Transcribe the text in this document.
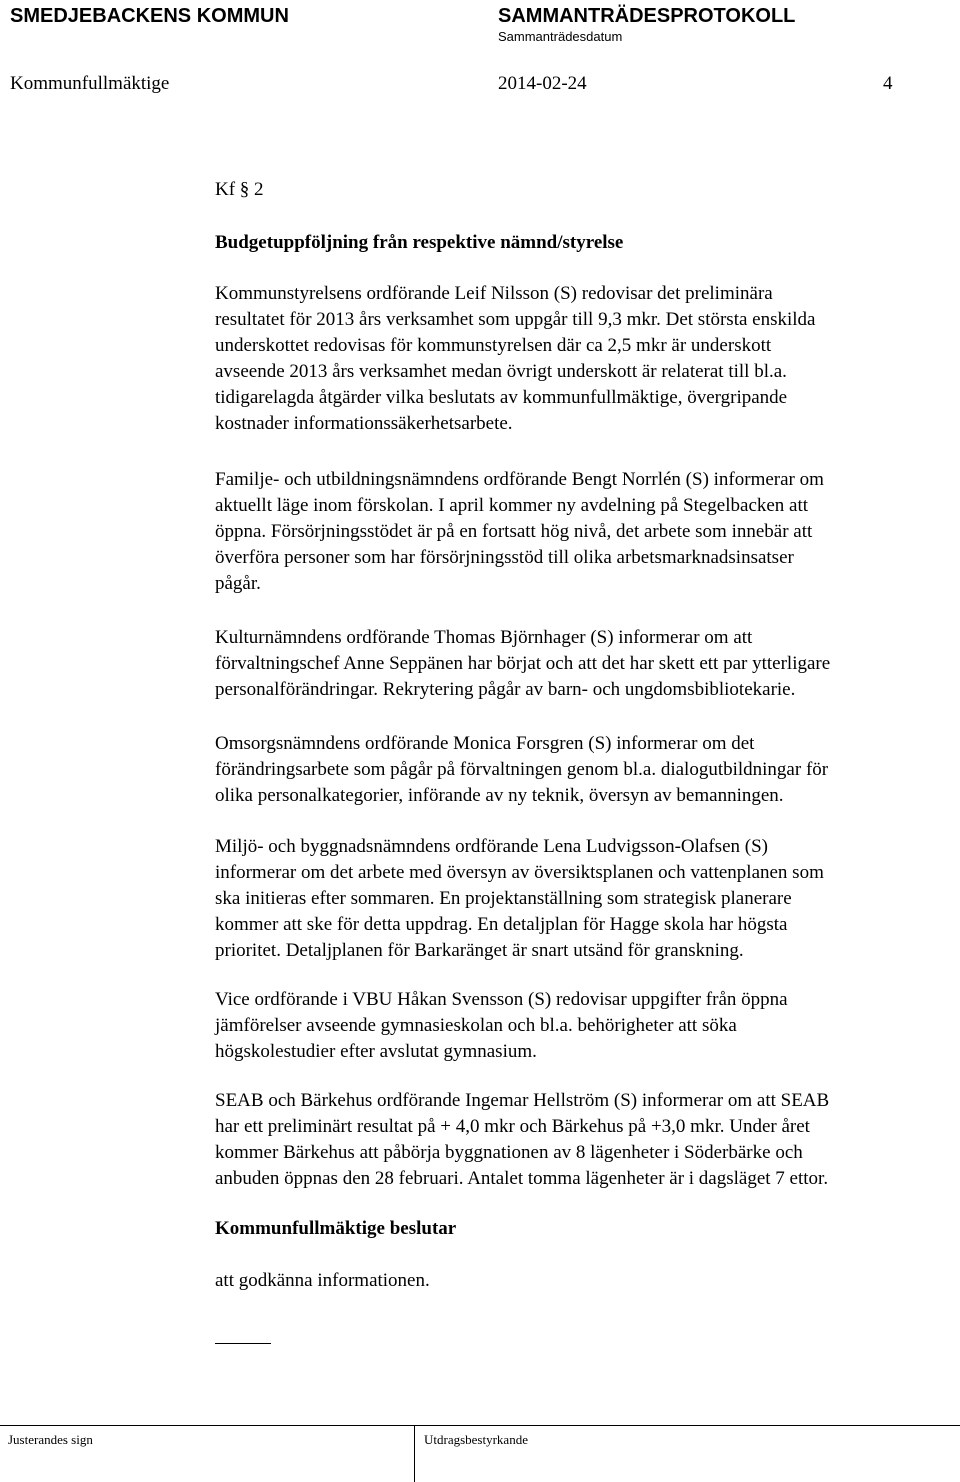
SMEDJEBACKENS KOMMUN	SAMMANTRÄDESPROTOKOLL
Sammanträdesdatum
Kommunfullmäktige	2014-02-24	4
Kf § 2
Budgetuppföljning från respektive nämnd/styrelse
Kommunstyrelsens ordförande Leif Nilsson (S) redovisar det preliminära
resultatet för 2013 års verksamhet som uppgår till 9,3 mkr. Det största enskilda
underskottet redovisas för kommunstyrelsen där ca 2,5 mkr är underskott
avseende 2013 års verksamhet medan övrigt underskott är relaterat till bl.a.
tidigarelagda åtgärder vilka beslutats av kommunfullmäktige, övergripande
kostnader informationssäkerhetsarbete.
Familje- och utbildningsnämndens ordförande Bengt Norrlén (S) informerar om
aktuellt läge inom förskolan. I april kommer ny avdelning på Stegelbacken att
öppna. Försörjningsstödet är på en fortsatt hög nivå, det arbete som innebär att
överföra personer som har försörjningsstöd till olika arbetsmarknadsinsatser
pågår.
Kulturnämndens ordförande Thomas Björnhager (S) informerar om att
förvaltningschef Anne Seppänen har börjat och att det har skett ett par ytterligare
personalförändringar. Rekrytering pågår av barn- och ungdomsbibliotekarie.
Omsorgsnämndens ordförande Monica Forsgren (S) informerar om det
förändringsarbete som pågår på förvaltningen genom bl.a. dialogutbildningar för
olika personalkategorier, införande av ny teknik, översyn av bemanningen.
Miljö- och byggnadsnämndens ordförande Lena Ludvigsson-Olafsen (S)
informerar om det arbete med översyn av översiktsplanen och vattenplanen som
ska initieras efter sommaren. En projektanställning som strategisk planerare
kommer att ske för detta uppdrag. En detaljplan för Hagge skola har högsta
prioritet. Detaljplanen för Barkaränget är snart utsänd för granskning.
Vice ordförande i VBU Håkan Svensson (S) redovisar uppgifter från öppna
jämförelser avseende gymnasieskolan och bl.a. behörigheter att söka
högskolestudier efter avslutat gymnasium.
SEAB och Bärkehus ordförande Ingemar Hellström (S) informerar om att SEAB
har ett preliminärt resultat på + 4,0 mkr och Bärkehus på +3,0 mkr. Under året
kommer Bärkehus att påbörja byggnationen av 8 lägenheter i Söderbärke och
anbuden öppnas den 28 februari. Antalet tomma lägenheter är i dagsläget 7 ettor.
Kommunfullmäktige beslutar
att godkänna informationen.
Justerandes sign	Utdragsbestyrkande
